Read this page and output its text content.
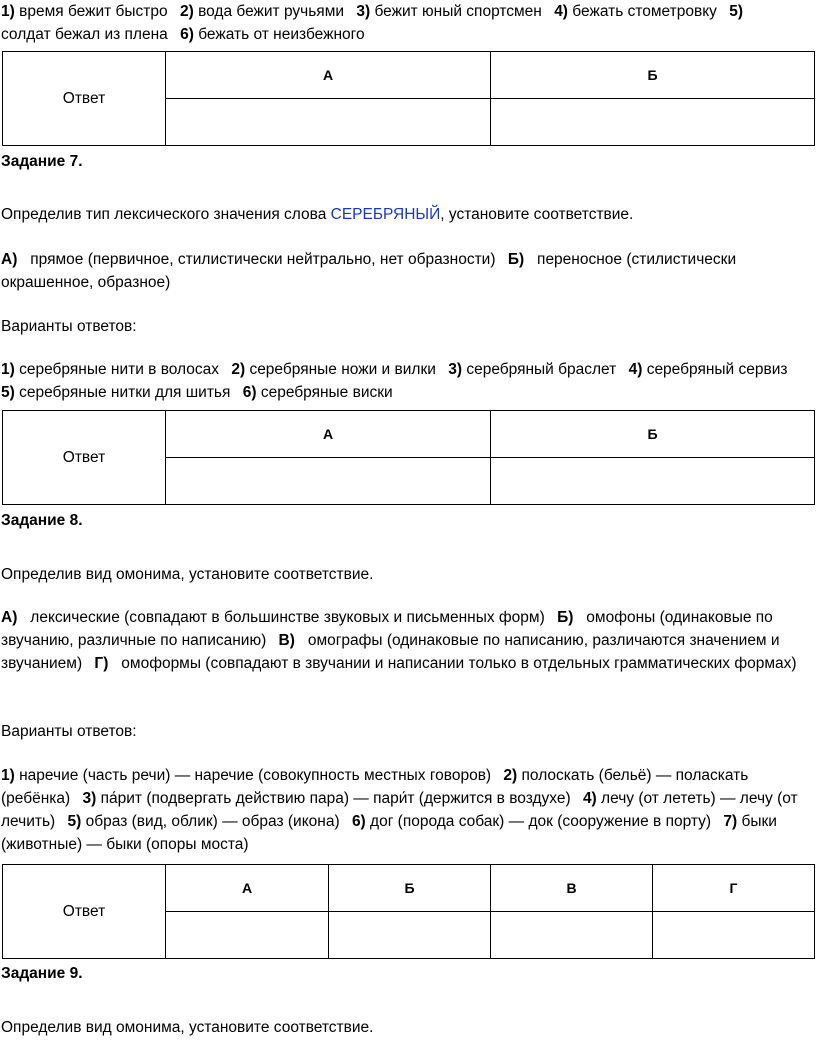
1) время бежит быстро 2) вода бежит ручьями 3) бежит юный спортсмен 4) бежать стометровку 5)
солдат бежал из плена 6) бежать от неизбежного
Ответ	А	Б

Задание 7.
Определив тип лексического значения слова СЕРЕБРЯНЫЙ, установите соответствие.
А) прямое (первичное, стилистически нейтрально, нет образности) Б) переносное (стилистически окрашенное, образное)
Варианты ответов:
1) серебряные нити в волосах 2) серебряные ножи и вилки 3) серебряный браслет 4) серебряный сервиз 5) серебряные нитки для шитья 6) серебряные виски
Ответ	А	Б

Задание 8.
Определив вид омонима, установите соответствие.
А) лексические (совпадают в большинстве звуковых и письменных форм) Б) омофоны (одинаковые по звучанию, различные по написанию) В) омографы (одинаковые по написанию, различаются значением и звучанием) Г) омоформы (совпадают в звучании и написании только в отдельных грамматических формах)
Варианты ответов:
1) наречие (часть речи) — наречие (совокупность местных говоров) 2) полоскать (бельё) — поласкать (ребёнка) 3) па́рит (подвергать действию пара) — пари́т (держится в воздухе) 4) лечу (от лететь) — лечу (от лечить) 5) образ (вид, облик) — образ (икона) 6) дог (порода собак) — док (сооружение в порту) 7) быки (животные) — быки (опоры моста)
Ответ	А	Б	В	Г

Задание 9.
Определив вид омонима, установите соответствие.
